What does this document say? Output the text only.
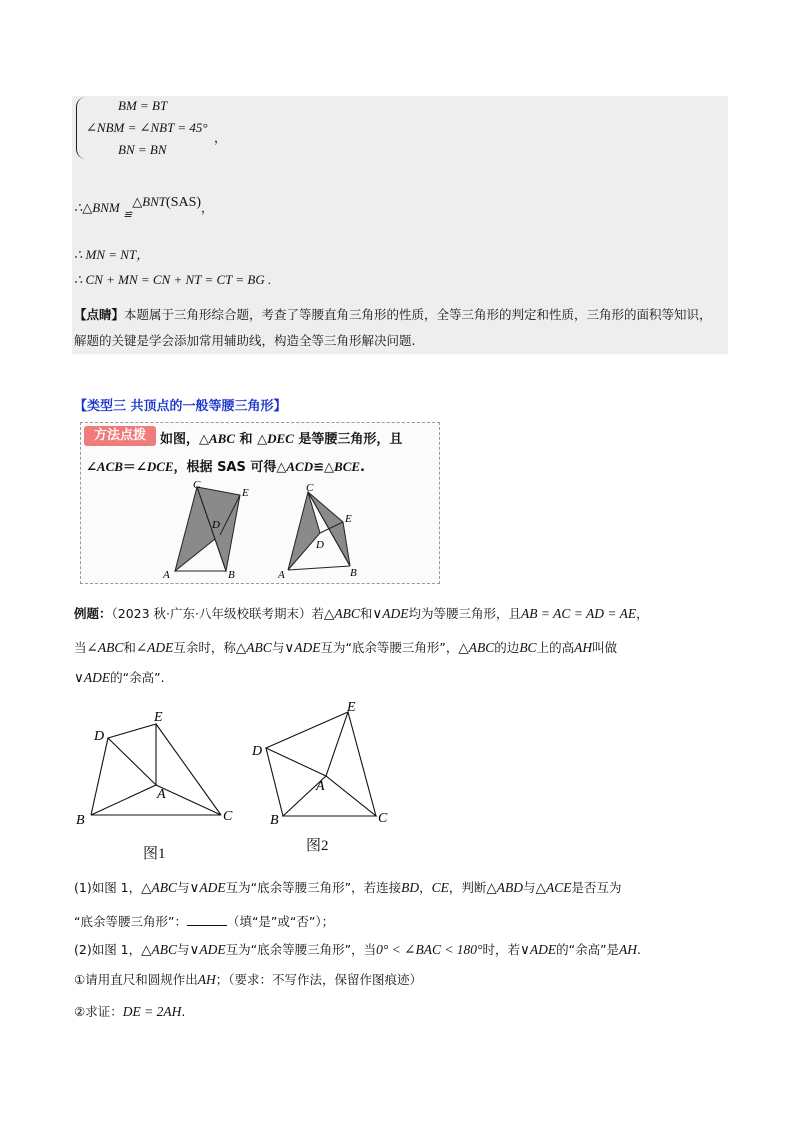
BM = BT
∠NBM = ∠NBT = 45°
BN = BN
，
∴△BNM $_≌$△BNT(SAS)，
∴ MN = NT，
∴ CN + MN = CN + NT = CT = BG .
【点睛】本题属于三角形综合题，考查了等腰直角三角形的性质，全等三角形的判定和性质，三角形的面积等知识，解题的关键是学会添加常用辅助线，构造全等三角形解决问题.
【类型三 共顶点的一般等腰三角形】
方法点拨	如图，△ABC 和 △DEC 是等腰三角形，且
∠ACB＝∠DCE，根据 SAS 可得△ACD≌△BCE.
C
E
D
A	B
C
E
D
A	B
例题：（2023 秋·广东·八年级校联考期末）若△ABC和∨ADE均为等腰三角形，且AB = AC = AD = AE，
当∠ABC和∠ADE互余时，称△ABC与∨ADE互为“底余等腰三角形”，△ABC的边BC上的高AH叫做
∨ADE的“余高”.
D
E
A
B	C
图1
D
E
A
B	C
图2
(1)如图 1，△ABC与∨ADE互为“底余等腰三角形”，若连接BD，CE，判断△ABD与△ACE是否互为
“底余等腰三角形”：	（填“是”或“否”）；
(2)如图 1，△ABC与∨ADE互为“底余等腰三角形”，当0° < ∠BAC < 180°时，若∨ADE的“余高”是AH.
①请用直尺和圆规作出AH；（要求：不写作法，保留作图痕迹）
②求证：DE = 2AH.
